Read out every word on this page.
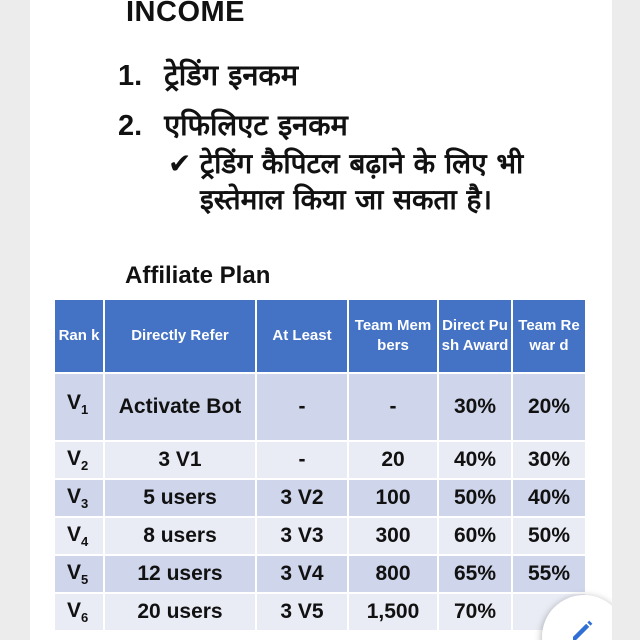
INCOME
1. ट्रेडिंग इनकम
2. एफिलिएट इनकम
✔ ट्रेडिंग कैपिटल बढ़ाने के लिए भी इस्तेमाल किया जा सकता है।
Affiliate Plan
Ran k	Directly Refer	At Least	Team Members	Direct Push Award	Team Rewar d
$V_1$	Activate Bot	-	-	30%	20%
$V_2$	3 V1	-	20	40%	30%
$V_3$	5 users	3 V2	100	50%	40%
$V_4$	8 users	3 V3	300	60%	50%
$V_5$	12 users	3 V4	800	65%	55%
$V_6$	20 users	3 V5	1,500	70%	
